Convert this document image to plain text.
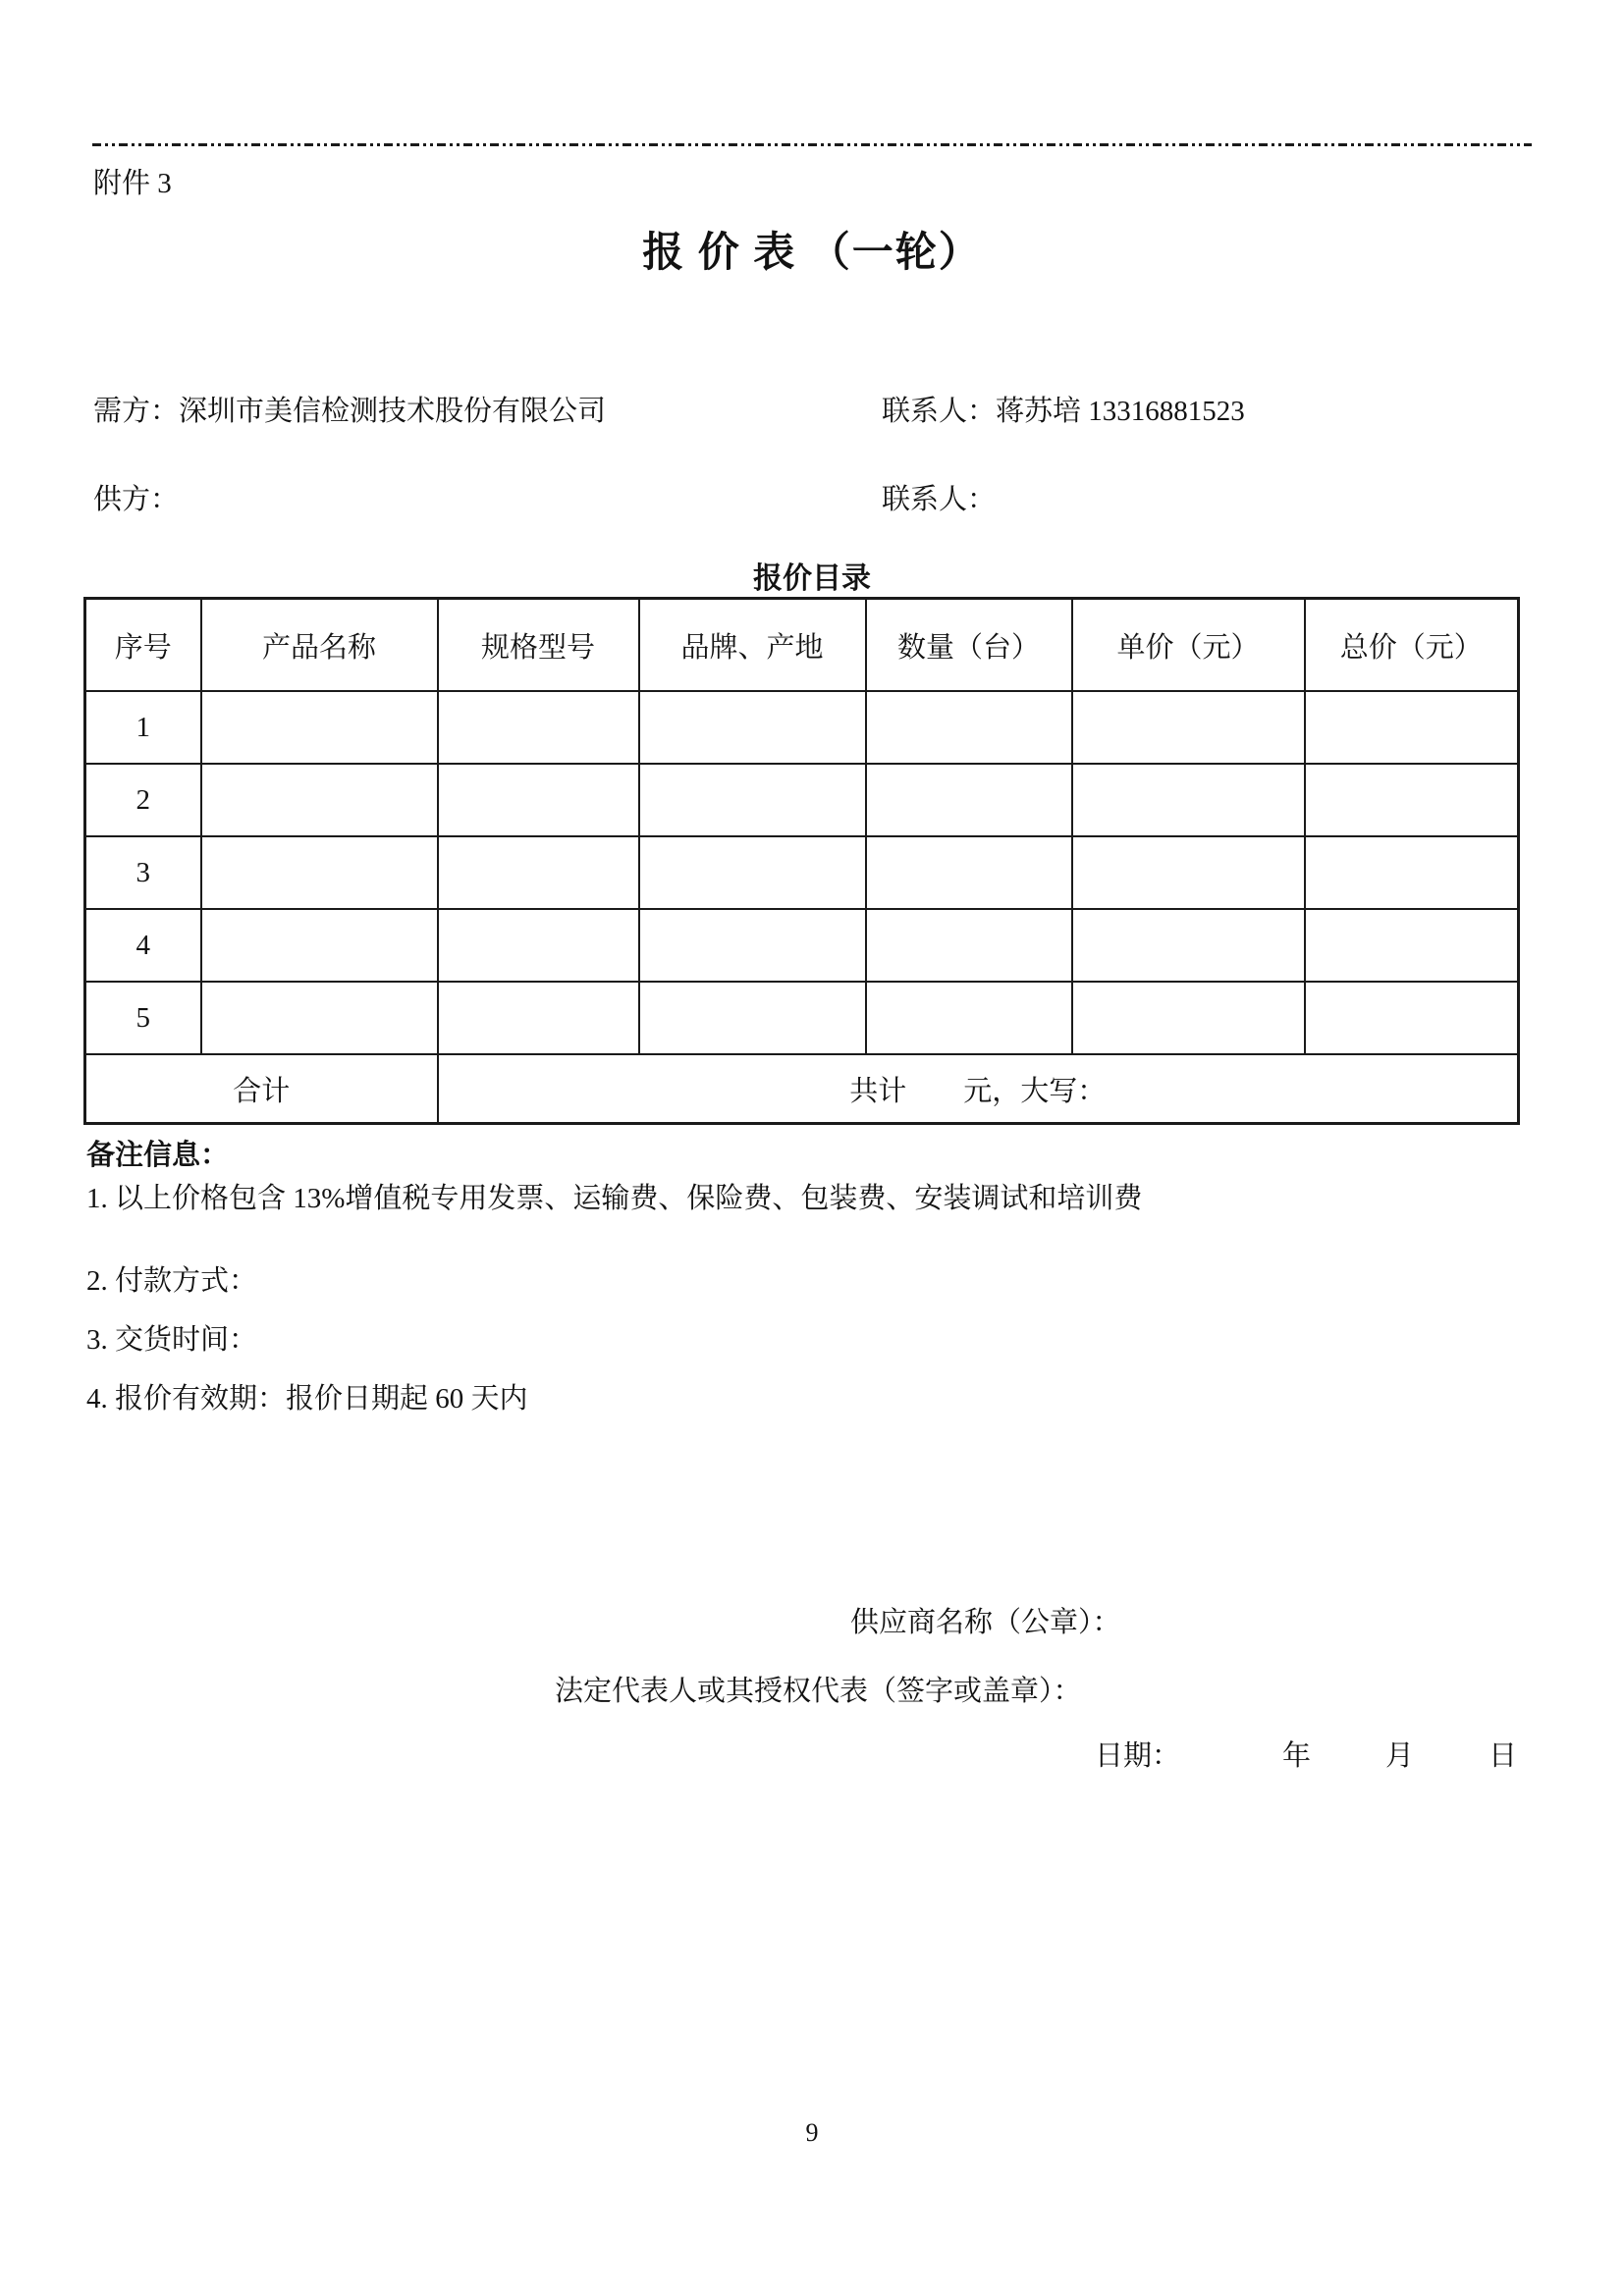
附件 3
报 价 表 （一轮）
需方：深圳市美信检测技术股份有限公司	联系人：蒋苏培 13316881523
供方：	联系人：
报价目录
序号	产品名称	规格型号	品牌、产地	数量（台）	单价（元）	总价（元）
1						
2						
3						
4						
5						
合计		共计　　元，大写：				
备注信息：
1. 以上价格包含 13%增值税专用发票、运输费、保险费、包装费、安装调试和培训费
2. 付款方式：
3. 交货时间：
4. 报价有效期：报价日期起 60 天内
供应商名称（公章）：
法定代表人或其授权代表（签字或盖章）：
日期：	年	月	日
9
